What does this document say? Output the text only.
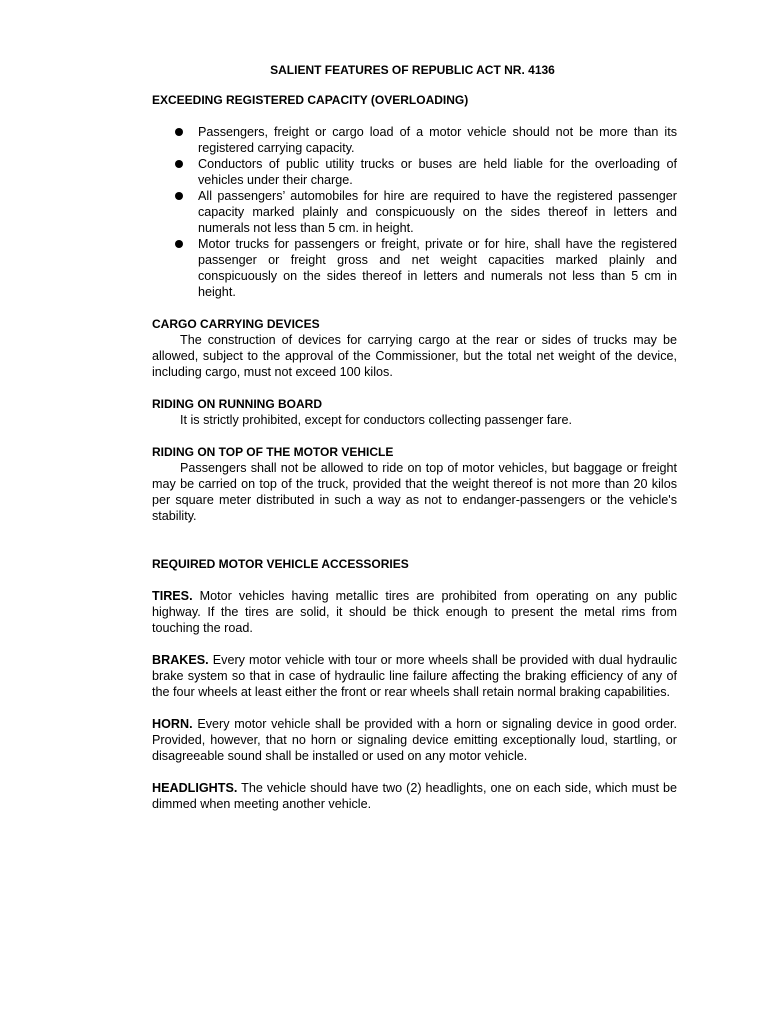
SALIENT FEATURES OF REPUBLIC ACT NR. 4136

EXCEEDING REGISTERED CAPACITY (OVERLOADING)

Passengers, freight or cargo load of a motor vehicle should not be more than its registered carrying capacity.
Conductors of public utility trucks or buses are held liable for the overloading of vehicles under their charge.
All passengers’ automobiles for hire are required to have the registered passenger capacity marked plainly and conspicuously on the sides thereof in letters and numerals not less than 5 cm. in height.
Motor trucks for passengers or freight, private or for hire, shall have the registered passenger or freight gross and net weight capacities marked plainly and conspicuously on the sides thereof in letters and numerals not less than 5 cm in height.

CARGO CARRYING DEVICES

The construction of devices for carrying cargo at the rear or sides of trucks may be allowed, subject to the approval of the Commissioner, but the total net weight of the device, including cargo, must not exceed 100 kilos.

RIDING ON RUNNING BOARD

It is strictly prohibited, except for conductors collecting passenger fare.

RIDING ON TOP OF THE MOTOR VEHICLE

Passengers shall not be allowed to ride on top of motor vehicles, but baggage or freight may be carried on top of the truck, provided that the weight thereof is not more than 20 kilos per square meter distributed in such a way as not to endanger-passengers or the vehicle's stability.

REQUIRED MOTOR VEHICLE ACCESSORIES

TIRES. Motor vehicles having metallic tires are prohibited from operating on any public highway. If the tires are solid, it should be thick enough to present the metal rims from touching the road.

BRAKES. Every motor vehicle with tour or more wheels shall be provided with dual hydraulic brake system so that in case of hydraulic line failure affecting the braking efficiency of any of the four wheels at least either the front or rear wheels shall retain normal braking capabilities.

HORN. Every motor vehicle shall be provided with a horn or signaling device in good order. Provided, however, that no horn or signaling device emitting exceptionally loud, startling, or disagreeable sound shall be installed or used on any motor vehicle.

HEADLIGHTS. The vehicle should have two (2) headlights, one on each side, which must be dimmed when meeting another vehicle.
